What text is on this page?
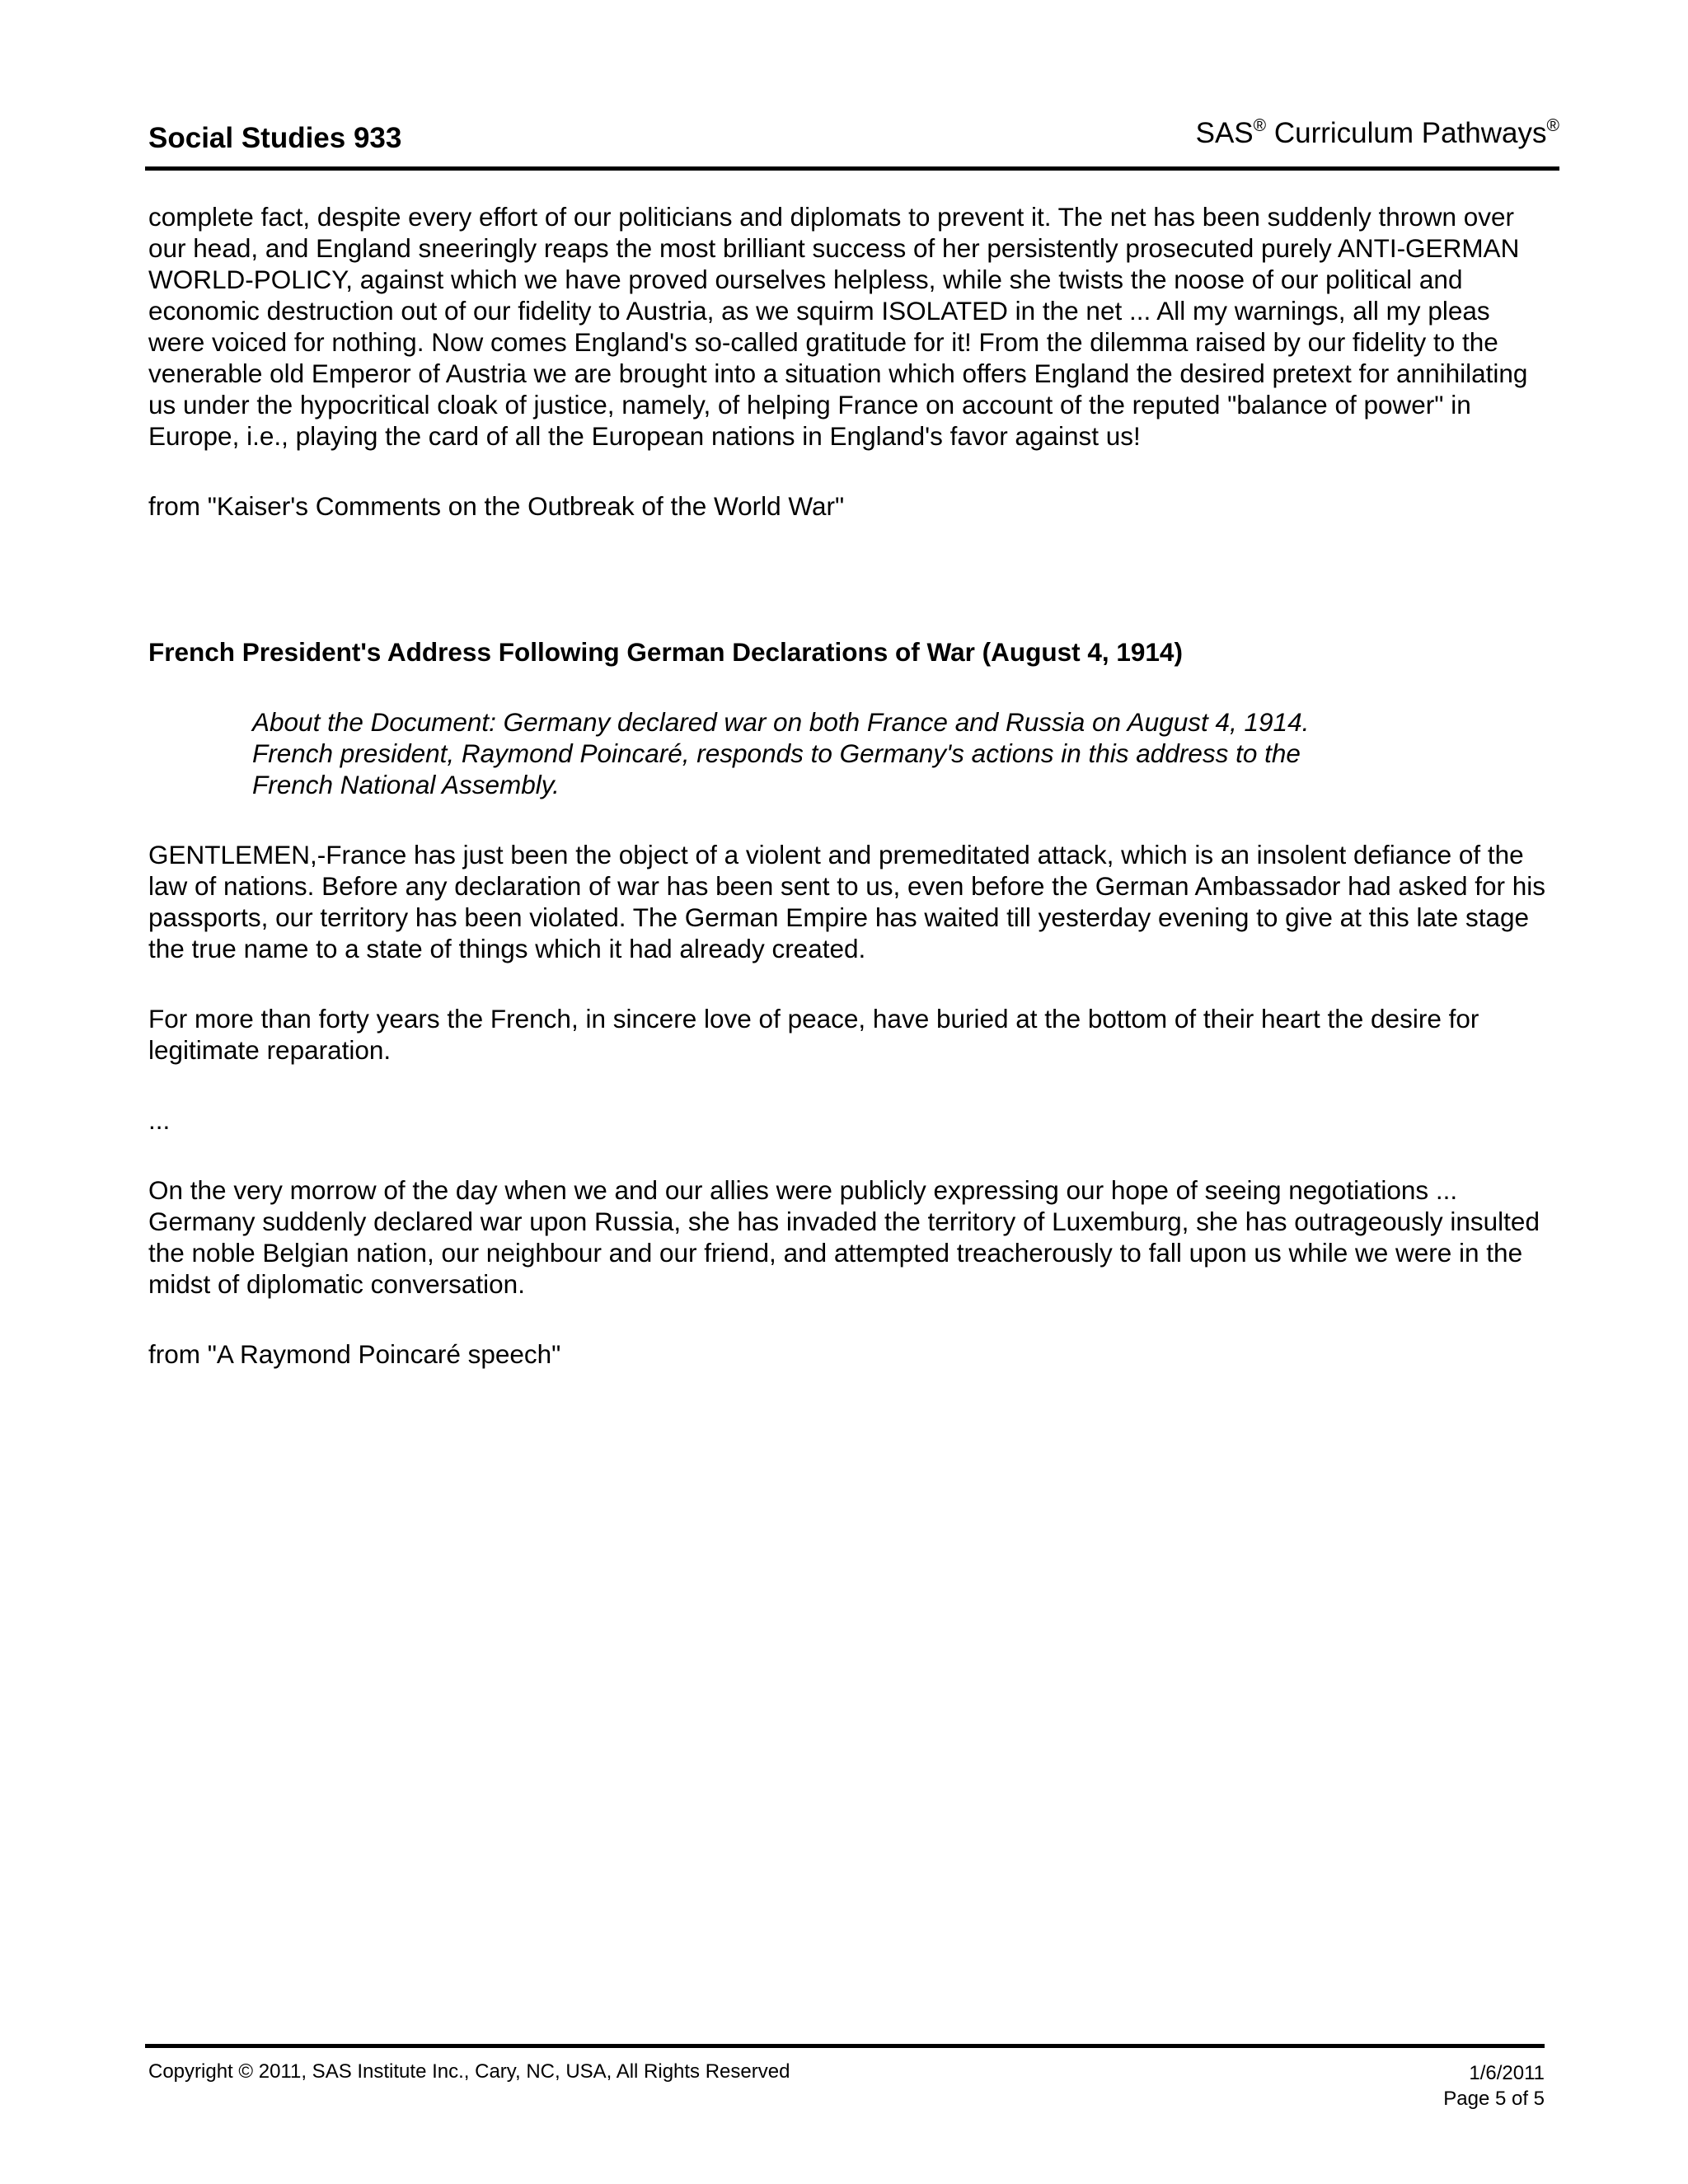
Social Studies 933	SAS® Curriculum Pathways®

complete fact, despite every effort of our politicians and diplomats to prevent it. The net has been suddenly thrown over our head, and England sneeringly reaps the most brilliant success of her persistently prosecuted purely ANTI-GERMAN WORLD-POLICY, against which we have proved ourselves helpless, while she twists the noose of our political and economic destruction out of our fidelity to Austria, as we squirm ISOLATED in the net ... All my warnings, all my pleas were voiced for nothing. Now comes England's so-called gratitude for it! From the dilemma raised by our fidelity to the venerable old Emperor of Austria we are brought into a situation which offers England the desired pretext for annihilating us under the hypocritical cloak of justice, namely, of helping France on account of the reputed "balance of power" in Europe, i.e., playing the card of all the European nations in England's favor against us!

from "Kaiser's Comments on the Outbreak of the World War"

French President's Address Following German Declarations of War (August 4, 1914)

About the Document: Germany declared war on both France and Russia on August 4, 1914. French president, Raymond Poincaré, responds to Germany's actions in this address to the French National Assembly.

GENTLEMEN,-France has just been the object of a violent and premeditated attack, which is an insolent defiance of the law of nations. Before any declaration of war has been sent to us, even before the German Ambassador had asked for his passports, our territory has been violated. The German Empire has waited till yesterday evening to give at this late stage the true name to a state of things which it had already created.

For more than forty years the French, in sincere love of peace, have buried at the bottom of their heart the desire for legitimate reparation.

...

On the very morrow of the day when we and our allies were publicly expressing our hope of seeing negotiations ... Germany suddenly declared war upon Russia, she has invaded the territory of Luxemburg, she has outrageously insulted the noble Belgian nation, our neighbour and our friend, and attempted treacherously to fall upon us while we were in the midst of diplomatic conversation.

from "A Raymond Poincaré speech"

Copyright © 2011, SAS Institute Inc., Cary, NC, USA, All Rights Reserved	1/6/2011
Page 5 of 5
